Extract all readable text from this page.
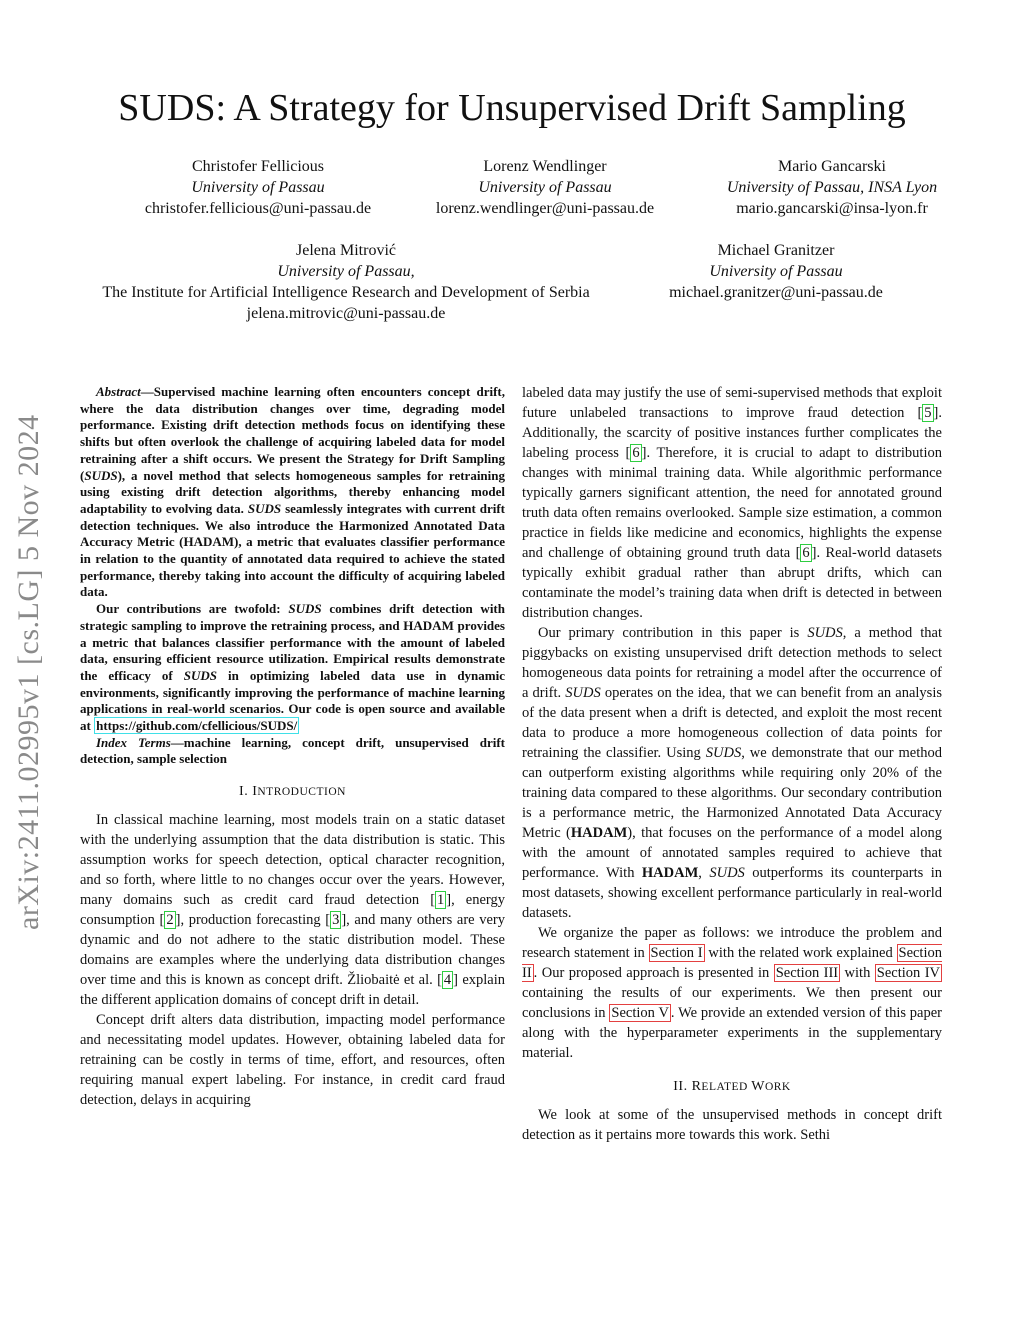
SUDS: A Strategy for Unsupervised Drift Sampling
Christofer Fellicious
University of Passau
christofer.fellicious@uni-passau.de
Lorenz Wendlinger
University of Passau
lorenz.wendlinger@uni-passau.de
Mario Gancarski
University of Passau, INSA Lyon
mario.gancarski@insa-lyon.fr
Jelena Mitrović
University of Passau,
The Institute for Artificial Intelligence Research and Development of Serbia
jelena.mitrovic@uni-passau.de
Michael Granitzer
University of Passau
michael.granitzer@uni-passau.de
arXiv:2411.02995v1 [cs.LG] 5 Nov 2024

Abstract—Supervised machine learning often encounters concept drift, where the data distribution changes over time, degrading model performance. Existing drift detection methods focus on identifying these shifts but often overlook the challenge of acquiring labeled data for model retraining after a shift occurs. We present the Strategy for Drift Sampling (SUDS), a novel method that selects homogeneous samples for retraining using existing drift detection algorithms, thereby enhancing model adaptability to evolving data. SUDS seamlessly integrates with current drift detection techniques. We also introduce the Harmonized Annotated Data Accuracy Metric (HADAM), a metric that evaluates classifier performance in relation to the quantity of annotated data required to achieve the stated performance, thereby taking into account the difficulty of acquiring labeled data.

Our contributions are twofold: SUDS combines drift detection with strategic sampling to improve the retraining process, and HADAM provides a metric that balances classifier performance with the amount of labeled data, ensuring efficient resource utilization. Empirical results demonstrate the efficacy of SUDS in optimizing labeled data use in dynamic environments, significantly improving the performance of machine learning applications in real-world scenarios. Our code is open source and available at https://github.com/cfellicious/SUDS/

Index Terms—machine learning, concept drift, unsupervised drift detection, sample selection

I. INTRODUCTION

In classical machine learning, most models train on a static dataset with the underlying assumption that the data distribution is static. This assumption works for speech detection, optical character recognition, and so forth, where little to no changes occur over the years. However, many domains such as credit card fraud detection [ 1 ], energy consumption [ 2 ], production forecasting [ 3 ], and many others are very dynamic and do not adhere to the static distribution model. These domains are examples where the underlying data distribution changes over time and this is known as concept drift. Žliobaitė et al. [ 4 ] explain the different application domains of concept drift in detail.

Concept drift alters data distribution, impacting model performance and necessitating model updates. However, obtaining labeled data for retraining can be costly in terms of time, effort, and resources, often requiring manual expert labeling. For instance, in credit card fraud detection, delays in acquiring

labeled data may justify the use of semi-supervised methods that exploit future unlabeled transactions to improve fraud detection [ 5 ]. Additionally, the scarcity of positive instances further complicates the labeling process [ 6 ]. Therefore, it is crucial to adapt to distribution changes with minimal training data. While algorithmic performance typically garners significant attention, the need for annotated ground truth data often remains overlooked. Sample size estimation, a common practice in fields like medicine and economics, highlights the expense and challenge of obtaining ground truth data [ 6 ]. Real-world datasets typically exhibit gradual rather than abrupt drifts, which can contaminate the model’s training data when drift is detected in between distribution changes.

Our primary contribution in this paper is SUDS, a method that piggybacks on existing unsupervised drift detection methods to select homogeneous data points for retraining a model after the occurrence of a drift. SUDS operates on the idea, that we can benefit from an analysis of the data present when a drift is detected, and exploit the most recent data to produce a more homogeneous collection of data points for retraining the classifier. Using SUDS, we demonstrate that our method can outperform existing algorithms while requiring only 20% of the training data compared to these algorithms. Our secondary contribution is a performance metric, the Harmonized Annotated Data Accuracy Metric (HADAM), that focuses on the performance of a model along with the amount of annotated samples required to achieve that performance. With HADAM, SUDS outperforms its counterparts in most datasets, showing excellent performance particularly in real-world datasets.

We organize the paper as follows: we introduce the problem and research statement in Section I with the related work explained Section II . Our proposed approach is presented in Section III with Section IV containing the results of our experiments. We then present our conclusions in Section V . We provide an extended version of this paper along with the hyperparameter experiments in the supplementary material.

II. RELATED WORK

We look at some of the unsupervised methods in concept drift detection as it pertains more towards this work. Sethi
